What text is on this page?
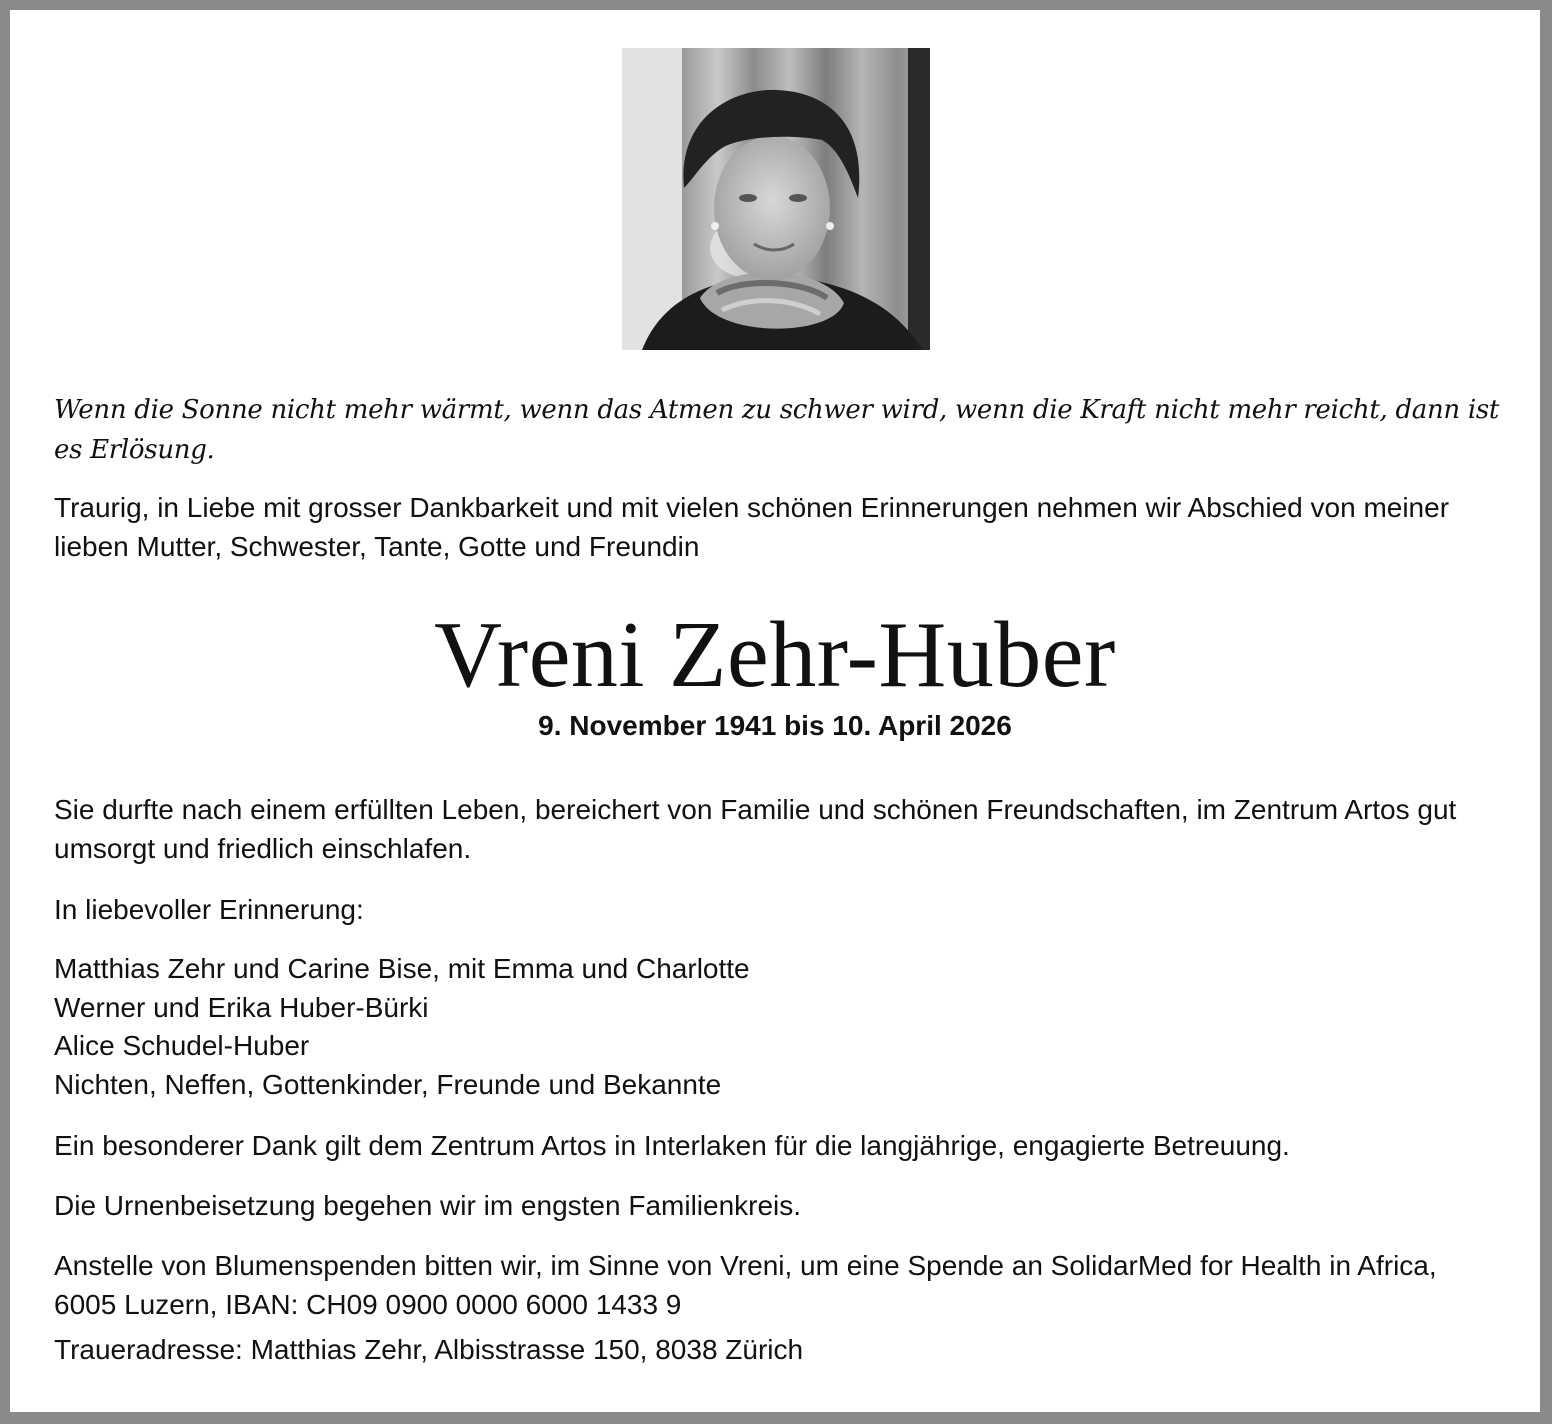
Wenn die Sonne nicht mehr wärmt, wenn das Atmen zu schwer wird, wenn die Kraft nicht mehr reicht, dann ist es Erlösung.

Traurig, in Liebe mit grosser Dankbarkeit und mit vielen schönen Erinnerungen nehmen wir Abschied von meiner lieben Mutter, Schwester, Tante, Gotte und Freundin

Vreni Zehr-Huber

9. November 1941 bis 10. April 2026

Sie durfte nach einem erfüllten Leben, bereichert von Familie und schönen Freundschaften, im Zentrum Artos gut umsorgt und friedlich einschlafen.

In liebevoller Erinnerung:

Matthias Zehr und Carine Bise, mit Emma und Charlotte
Werner und Erika Huber-Bürki
Alice Schudel-Huber
Nichten, Neffen, Gottenkinder, Freunde und Bekannte

Ein besonderer Dank gilt dem Zentrum Artos in Interlaken für die langjährige, engagierte Betreuung.

Die Urnenbeisetzung begehen wir im engsten Familienkreis.

Anstelle von Blumenspenden bitten wir, im Sinne von Vreni, um eine Spende an SolidarMed for Health in Africa, 6005 Luzern, IBAN: CH09 0900 0000 6000 1433 9

Traueradresse: Matthias Zehr, Albisstrasse 150, 8038 Zürich
